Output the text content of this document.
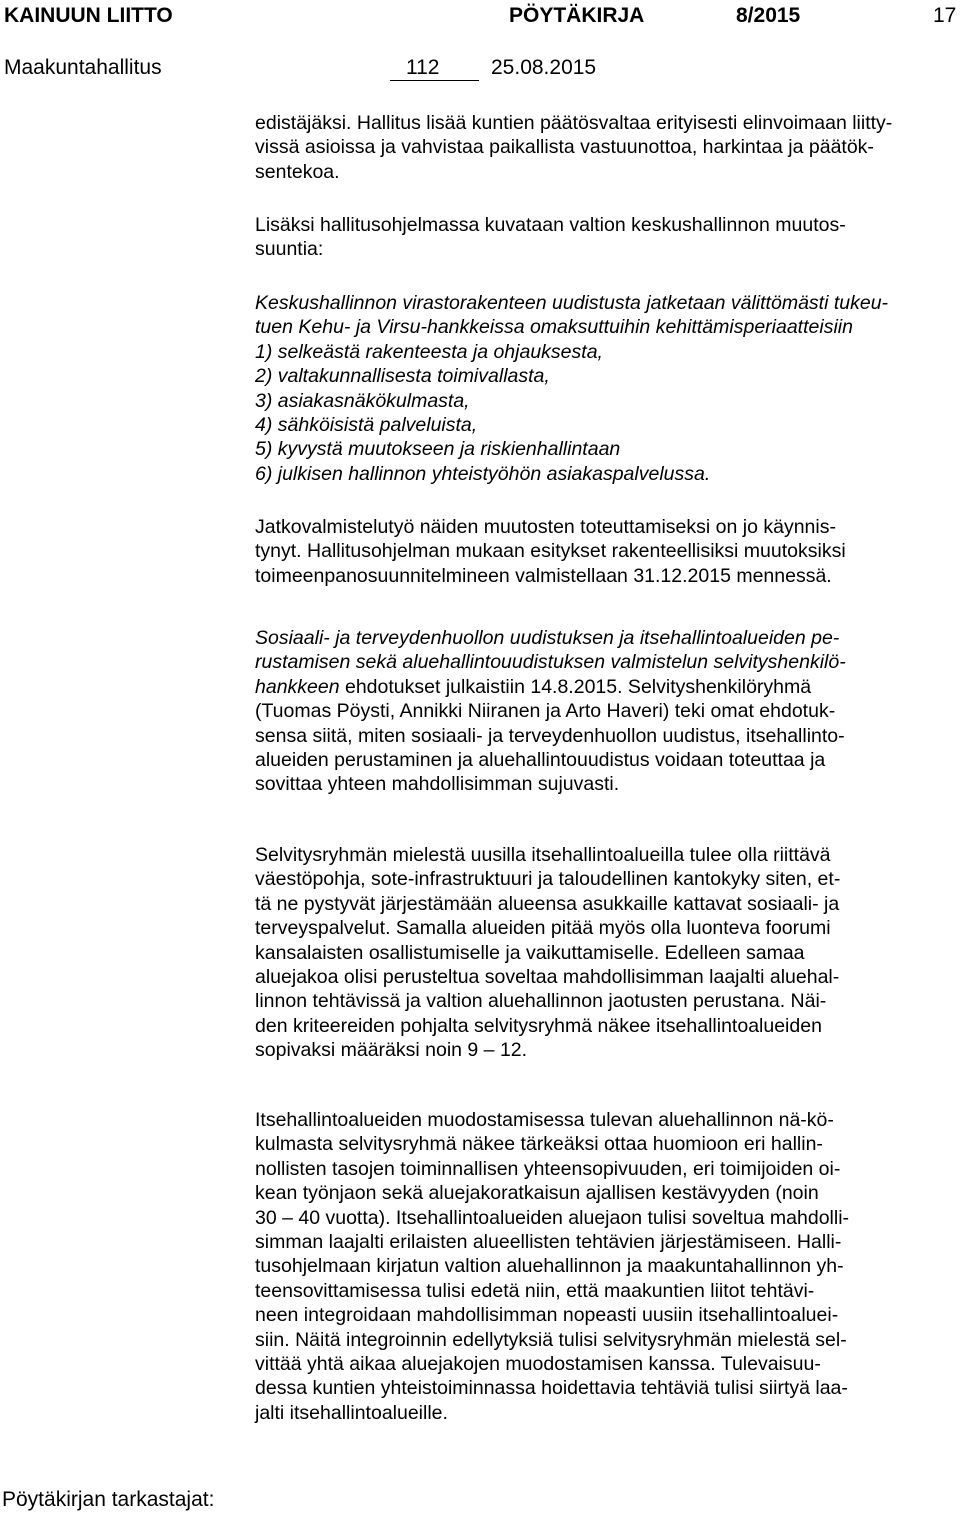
KAINUUN LIITTO	PÖYTÄKIRJA	8/2015	17
Maakuntahallitus	112 25.08.2015

edistäjäksi. Hallitus lisää kuntien päätösvaltaa erityisesti elinvoimaan liitty-
vissä asioissa ja vahvistaa paikallista vastuunottoa, harkintaa ja päätök-
sentekoa.

Lisäksi hallitusohjelmassa kuvataan valtion keskushallinnon muutos-
suuntia:

Keskushallinnon virastorakenteen uudistusta jatketaan välittömästi tukeu-
tuen Kehu- ja Virsu-hankkeissa omaksuttuihin kehittämisperiaatteisiin
1) selkeästä rakenteesta ja ohjauksesta,
2) valtakunnallisesta toimivallasta,
3) asiakasnäkökulmasta,
4) sähköisistä palveluista,
5) kyvystä muutokseen ja riskienhallintaan
6) julkisen hallinnon yhteistyöhön asiakaspalvelussa.

Jatkovalmistelutyö näiden muutosten toteuttamiseksi on jo käynnis-
tynyt. Hallitusohjelman mukaan esitykset rakenteellisiksi muutoksiksi
toimeenpanosuunnitelmineen valmistellaan 31.12.2015 mennessä.

Sosiaali- ja terveydenhuollon uudistuksen ja itsehallintoalueiden pe-
rustamisen sekä aluehallintouudistuksen valmistelun selvityshenkilö-
hankkeen ehdotukset julkaistiin 14.8.2015. Selvityshenkilöryhmä
(Tuomas Pöysti, Annikki Niiranen ja Arto Haveri) teki omat ehdotuk-
sensa siitä, miten sosiaali- ja terveydenhuollon uudistus, itsehallinto-
alueiden perustaminen ja aluehallintouudistus voidaan toteuttaa ja
sovittaa yhteen mahdollisimman sujuvasti.

Selvitysryhmän mielestä uusilla itsehallintoalueilla tulee olla riittävä
väestöpohja, sote-infrastruktuuri ja taloudellinen kantokyky siten, et-
tä ne pystyvät järjestämään alueensa asukkaille kattavat sosiaali- ja
terveyspalvelut. Samalla alueiden pitää myös olla luonteva foorumi
kansalaisten osallistumiselle ja vaikuttamiselle. Edelleen samaa
aluejakoa olisi perusteltua soveltaa mahdollisimman laajalti aluehal-
linnon tehtävissä ja valtion aluehallinnon jaotusten perustana. Näi-
den kriteereiden pohjalta selvitysryhmä näkee itsehallintoalueiden
sopivaksi määräksi noin 9 – 12.

Itsehallintoalueiden muodostamisessa tulevan aluehallinnon nä-kö-
kulmasta selvitysryhmä näkee tärkeäksi ottaa huomioon eri hallin-
nollisten tasojen toiminnallisen yhteensopivuuden, eri toimijoiden oi-
kean työnjaon sekä aluejakoratkaisun ajallisen kestävyyden (noin
30 – 40 vuotta). Itsehallintoalueiden aluejaon tulisi soveltua mahdolli-
simman laajalti erilaisten alueellisten tehtävien järjestämiseen. Halli-
tusohjelmaan kirjatun valtion aluehallinnon ja maakuntahallinnon yh-
teensovittamisessa tulisi edetä niin, että maakuntien liitot tehtävi-
neen integroidaan mahdollisimman nopeasti uusiin itsehallintoaluei-
siin. Näitä integroinnin edellytyksiä tulisi selvitysryhmän mielestä sel-
vittää yhtä aikaa aluejakojen muodostamisen kanssa. Tulevaisuu-
dessa kuntien yhteistoiminnassa hoidettavia tehtäviä tulisi siirtyä laa-
jalti itsehallintoalueille.

Pöytäkirjan tarkastajat:
